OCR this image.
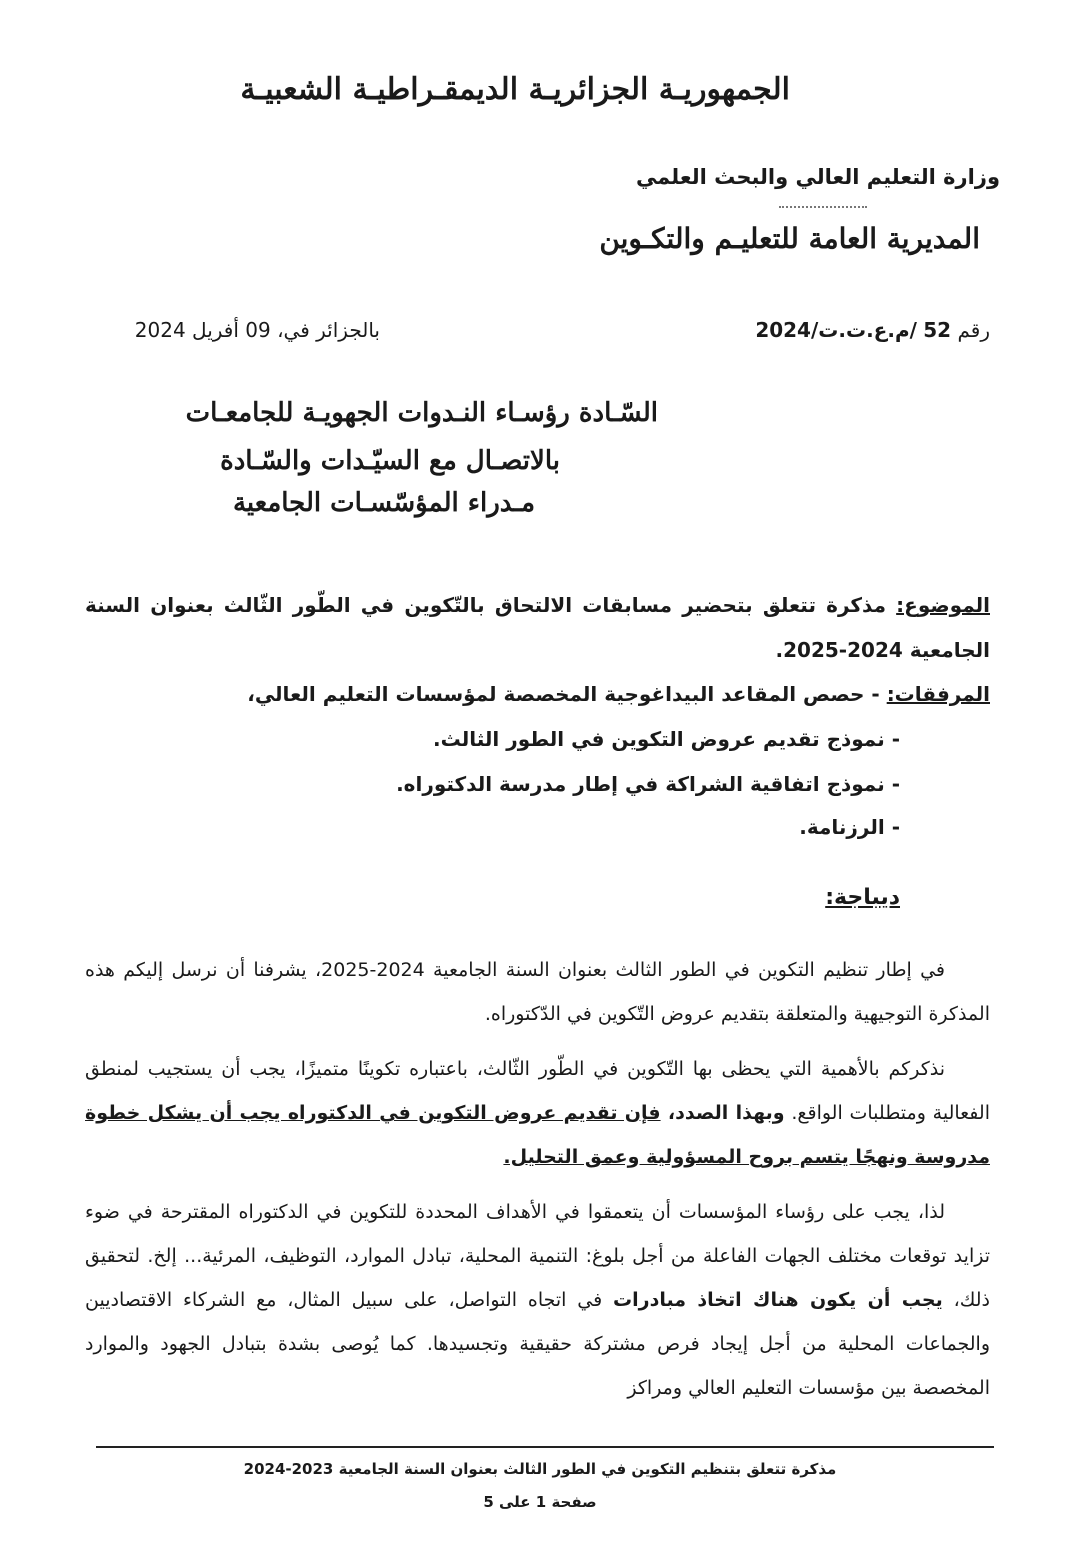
الجمهوريـة الجزائريـة الديمقـراطيـة الشعبيـة
وزارة التعليم العالي والبحث العلمي
المديرية العامة للتعليـم والتكـوين
رقم 52 /م.ع.ت.ت/2024
بالجزائر في، 09 أفريل 2024
السّـادة رؤسـاء النـدوات الجهويـة للجامعـات
بالاتصـال مع السيّـدات والسّـادة
مـدراء المؤسّسـات الجامعية
الموضوع: مذكرة تتعلق بتحضير مسابقات الالتحاق بالتّكوين في الطّور الثّالث بعنوان السنة الجامعية 2024-2025.
المرفقات: - حصص المقاعد البيداغوجية المخصصة لمؤسسات التعليم العالي،
- نموذج تقديم عروض التكوين في الطور الثالث.
- نموذج اتفاقية الشراكة في إطار مدرسة الدكتوراه.
- الرزنامة.
ديباجة:
في إطار تنظيم التكوين في الطور الثالث بعنوان السنة الجامعية 2024-2025، يشرفنا أن نرسل إليكم هذه المذكرة التوجيهية والمتعلقة بتقديم عروض التّكوين في الدّكتوراه.
نذكركم بالأهمية التي يحظى بها التّكوين في الطّور الثّالث، باعتباره تكوينًا متميزًا، يجب أن يستجيب لمنطق الفعالية ومتطلبات الواقع. وبهذا الصدد، فإن تقديم عروض التكوين في الدكتوراه يجب أن يشكل خطوة مدروسة ونهجًا يتسم بروح المسؤولية وعمق التحليل.
لذا، يجب على رؤساء المؤسسات أن يتعمقوا في الأهداف المحددة للتكوين في الدكتوراه المقترحة في ضوء تزايد توقعات مختلف الجهات الفاعلة من أجل بلوغ: التنمية المحلية، تبادل الموارد، التوظيف، المرئية... إلخ. لتحقيق ذلك، يجب أن يكون هناك اتخاذ مبادرات في اتجاه التواصل، على سبيل المثال، مع الشركاء الاقتصاديين والجماعات المحلية من أجل إيجاد فرص مشتركة حقيقية وتجسيدها. كما يُوصى بشدة بتبادل الجهود والموارد المخصصة بين مؤسسات التعليم العالي ومراكز
مذكرة تتعلق بتنظيم التكوين في الطور الثالث بعنوان السنة الجامعية 2023-2024
صفحة 1 على 5
